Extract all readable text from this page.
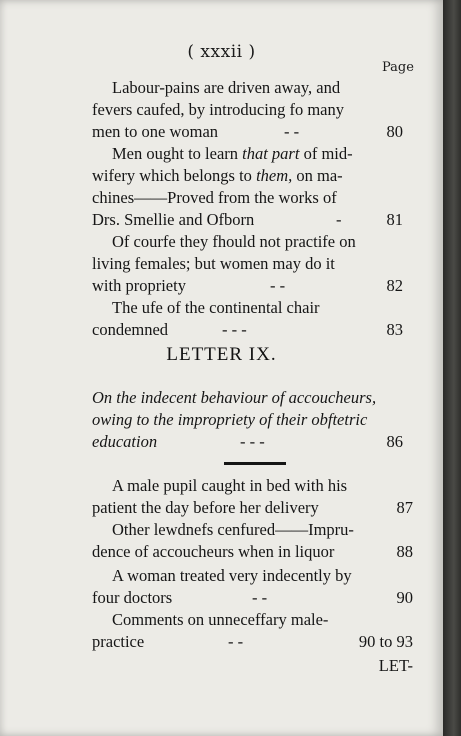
( xxxii )
Page
Labour-pains are driven away, and
fevers caufed, by introducing fo many
men to one woman	- -	80
Men ought to learn that part of mid-
wifery which belongs to them, on ma-
chines——Proved from the works of
Drs. Smellie and Ofborn	-	81
Of courfe they fhould not practife on
living females; but women may do it
with propriety	- -	82
The ufe of the continental chair
condemned	- - -	83
LETTER IX.
On the indecent behaviour of accoucheurs,
owing to the impropriety of their obftetric
education	- - -	86
A male pupil caught in bed with his
patient the day before her delivery	87
Other lewdnefs cenfured——Impru-
dence of accoucheurs when in liquor	88
A woman treated very indecently by
four doctors	- -	90
Comments on unneceffary male-
practice	- -	90 to 93
LET-
